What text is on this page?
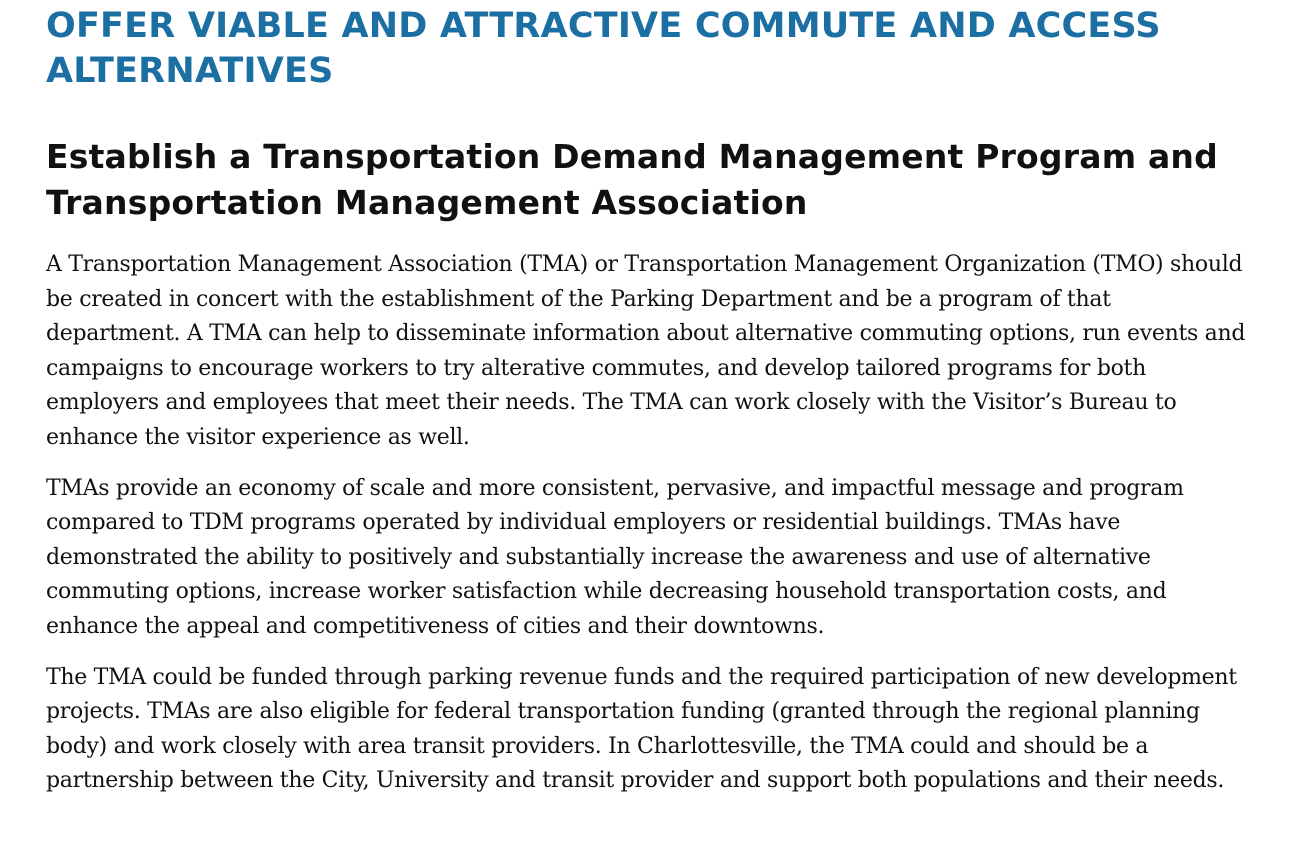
OFFER VIABLE AND ATTRACTIVE COMMUTE AND ACCESS ALTERNATIVES
Establish a Transportation Demand Management Program and Transportation Management Association

A Transportation Management Association (TMA) or Transportation Management Organization (TMO) should be created in concert with the establishment of the Parking Department and be a program of that department. A TMA can help to disseminate information about alternative commuting options, run events and campaigns to encourage workers to try alterative commutes, and develop tailored programs for both employers and employees that meet their needs. The TMA can work closely with the Visitor’s Bureau to enhance the visitor experience as well.

TMAs provide an economy of scale and more consistent, pervasive, and impactful message and program compared to TDM programs operated by individual employers or residential buildings. TMAs have demonstrated the ability to positively and substantially increase the awareness and use of alternative commuting options, increase worker satisfaction while decreasing household transportation costs, and enhance the appeal and competitiveness of cities and their downtowns.

The TMA could be funded through parking revenue funds and the required participation of new development projects. TMAs are also eligible for federal transportation funding (granted through the regional planning body) and work closely with area transit providers. In Charlottesville, the TMA could and should be a partnership between the City, University and transit provider and support both populations and their needs.
